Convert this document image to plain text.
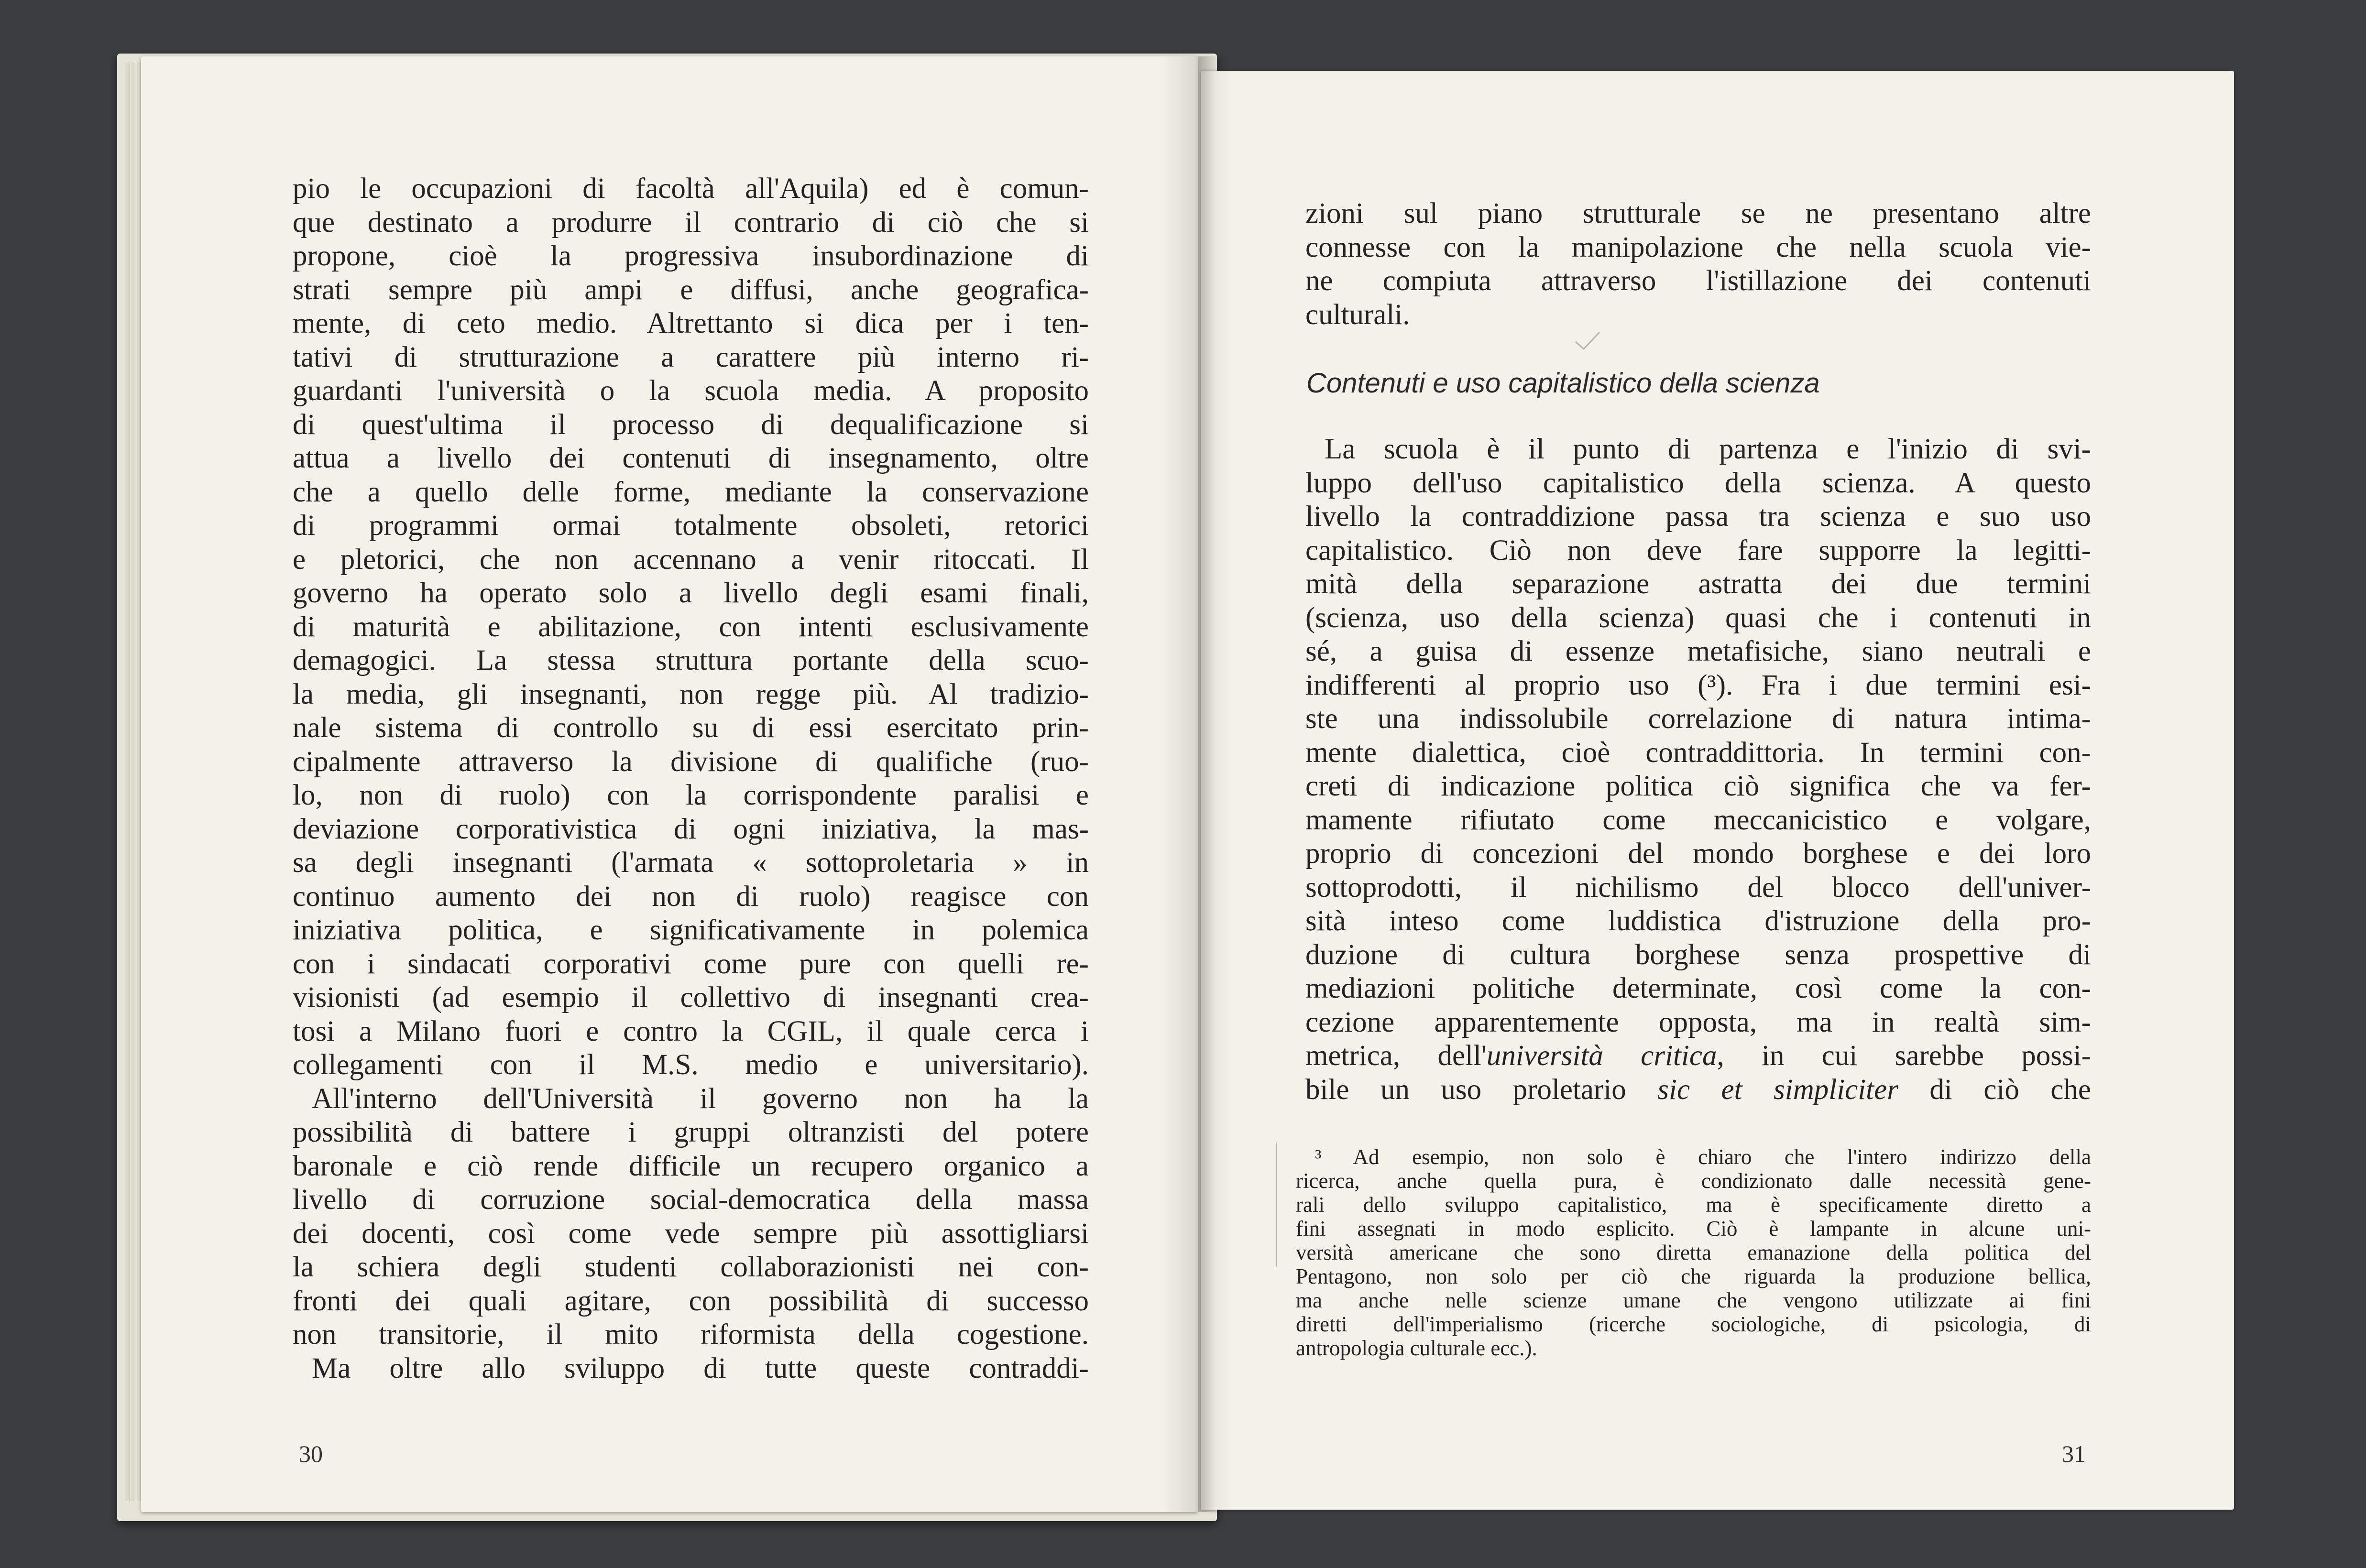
pio le occupazioni di facoltà all'Aquila) ed è comun-
que destinato a produrre il contrario di ciò che si
propone, cioè la progressiva insubordinazione di
strati sempre più ampi e diffusi, anche geografica-
mente, di ceto medio. Altrettanto si dica per i ten-
tativi di strutturazione a carattere più interno ri-
guardanti l'università o la scuola media. A proposito
di quest'ultima il processo di dequalificazione si
attua a livello dei contenuti di insegnamento, oltre
che a quello delle forme, mediante la conservazione
di programmi ormai totalmente obsoleti, retorici
e pletorici, che non accennano a venir ritoccati. Il
governo ha operato solo a livello degli esami finali,
di maturità e abilitazione, con intenti esclusivamente
demagogici. La stessa struttura portante della scuo-
la media, gli insegnanti, non regge più. Al tradizio-
nale sistema di controllo su di essi esercitato prin-
cipalmente attraverso la divisione di qualifiche (ruo-
lo, non di ruolo) con la corrispondente paralisi e
deviazione corporativistica di ogni iniziativa, la mas-
sa degli insegnanti (l'armata « sottoproletaria » in
continuo aumento dei non di ruolo) reagisce con
iniziativa politica, e significativamente in polemica
con i sindacati corporativi come pure con quelli re-
visionisti (ad esempio il collettivo di insegnanti crea-
tosi a Milano fuori e contro la CGIL, il quale cerca i
collegamenti con il M.S. medio e universitario).
All'interno dell'Università il governo non ha la
possibilità di battere i gruppi oltranzisti del potere
baronale e ciò rende difficile un recupero organico a
livello di corruzione social-democratica della massa
dei docenti, così come vede sempre più assottigliarsi
la schiera degli studenti collaborazionisti nei con-
fronti dei quali agitare, con possibilità di successo
non transitorie, il mito riformista della cogestione.
Ma oltre allo sviluppo di tutte queste contraddi-
30
zioni sul piano strutturale se ne presentano altre
connesse con la manipolazione che nella scuola vie-
ne compiuta attraverso l'istillazione dei contenuti
culturali.
Contenuti e uso capitalistico della scienza
La scuola è il punto di partenza e l'inizio di svi-
luppo dell'uso capitalistico della scienza. A questo
livello la contraddizione passa tra scienza e suo uso
capitalistico. Ciò non deve fare supporre la legitti-
mità della separazione astratta dei due termini
(scienza, uso della scienza) quasi che i contenuti in
sé, a guisa di essenze metafisiche, siano neutrali e
indifferenti al proprio uso (³). Fra i due termini esi-
ste una indissolubile correlazione di natura intima-
mente dialettica, cioè contraddittoria. In termini con-
creti di indicazione politica ciò significa che va fer-
mamente rifiutato come meccanicistico e volgare,
proprio di concezioni del mondo borghese e dei loro
sottoprodotti, il nichilismo del blocco dell'univer-
sità inteso come luddistica d'istruzione della pro-
duzione di cultura borghese senza prospettive di
mediazioni politiche determinate, così come la con-
cezione apparentemente opposta, ma in realtà sim-
metrica, dell'università critica, in cui sarebbe possi-
bile un uso proletario sic et simpliciter di ciò che
³ Ad esempio, non solo è chiaro che l'intero indirizzo della
ricerca, anche quella pura, è condizionato dalle necessità gene-
rali dello sviluppo capitalistico, ma è specificamente diretto a
fini assegnati in modo esplicito. Ciò è lampante in alcune uni-
versità americane che sono diretta emanazione della politica del
Pentagono, non solo per ciò che riguarda la produzione bellica,
ma anche nelle scienze umane che vengono utilizzate ai fini
diretti dell'imperialismo (ricerche sociologiche, di psicologia, di
antropologia culturale ecc.).
31
